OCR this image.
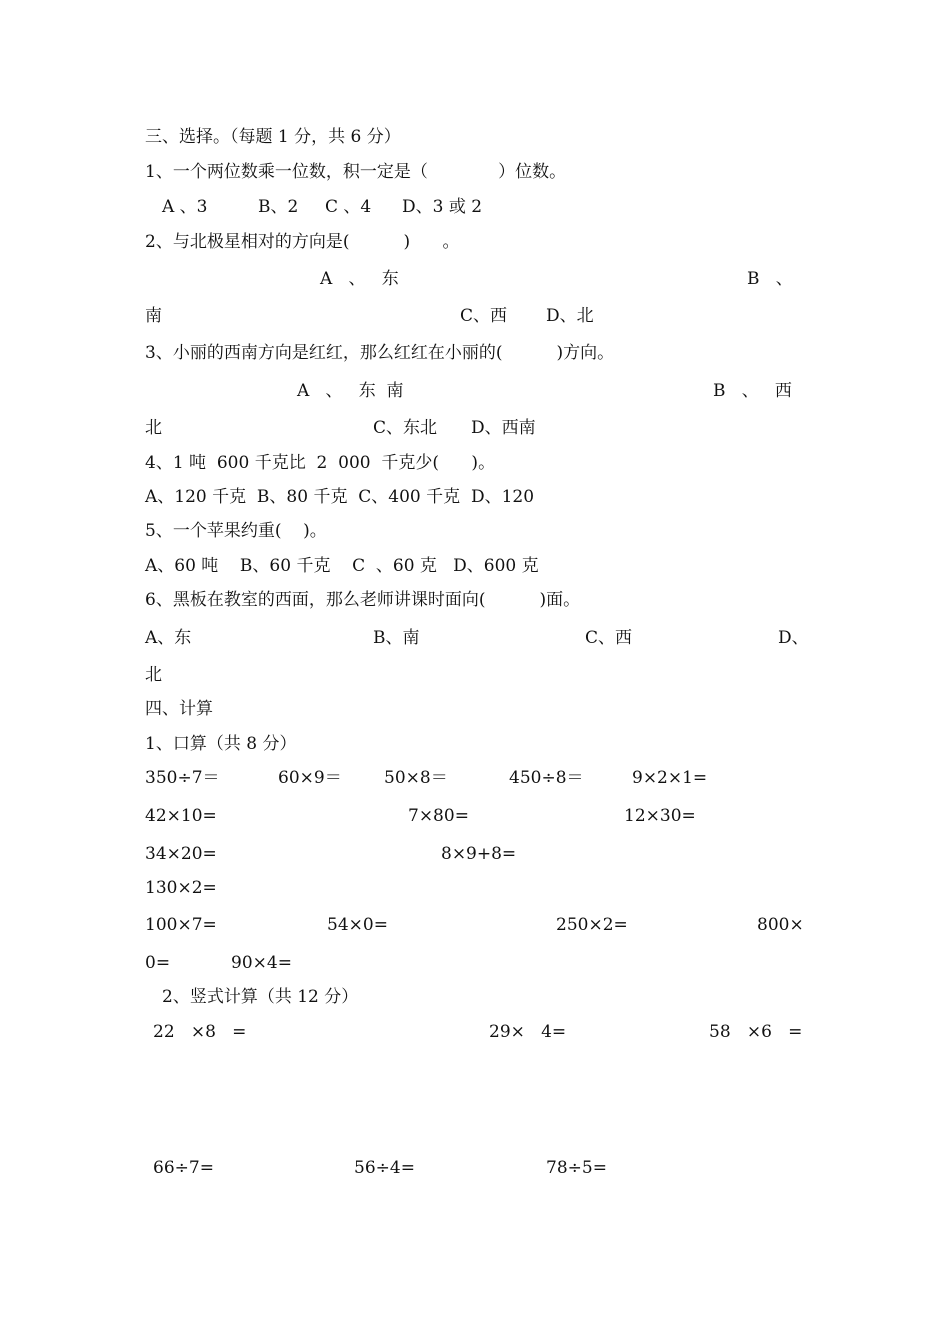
三、选择。（每题 1 分，共 6 分）
1、一个两位数乘一位数，积一定是（             ）位数。
A 、3	B、2 C 、4 D、3 或 2
2、与北极星相对的方向是(          )      。
A   、   东	B   、
南	C、西 D、北
3、小丽的西南方向是红红，那么红红在小丽的(          )方向。
A   、   东  南	B   、   西
北	C、东北 D、西南
4、1 吨  600 千克比  2  000  千克少(      )。
A、120 千克  B、80 千克  C、400 千克  D、120
5、一个苹果约重(    )。
A、60 吨    B、60 千克    C  、60 克   D、600 克
6、黑板在教室的西面，那么老师讲课时面向(          )面。
A、东	B、南	C、西	D、
北
四、计算
1、口算（共 8 分）
350÷7＝	60×9＝ 50×8＝	450÷8＝	9×2×1=
42×10=	7×80=	12×30=
34×20=	8×9+8=
130×2=
100×7=	54×0=	250×2=	800×
0=	90×4=
2、竖式计算（共 12 分）
22   ×8   =	29×   4=	58   ×6   =
66÷7=	56÷4=	78÷5=
